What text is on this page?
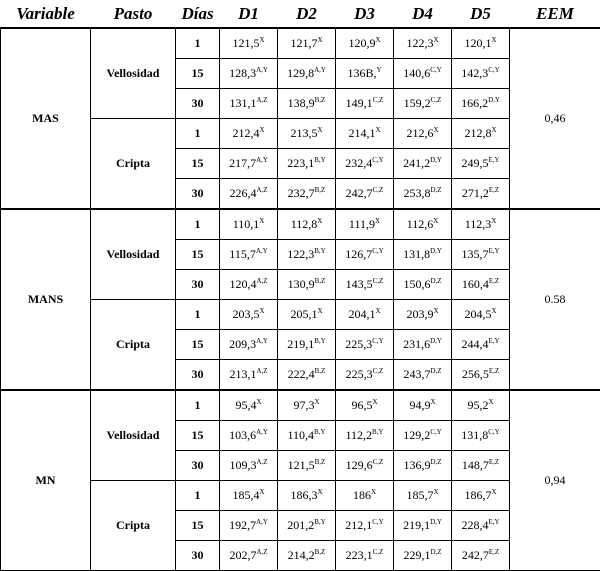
Variable	Pasto	Días	D1	D2	D3	D4	D5	EEM
MAS	Vellosidad	1	$121,5^X$	$121,7^X$	$120,9^X$	$122,3^X$	$120,1^X$	0,46
		15	$128,3^{A,Y}$	$129,8^{A,Y}$	136B,$^Y$	$140,6^{C,Y}$	$142,3^{C,Y}$
		30	$131,1^{A,Z}$	$138,9^{B,Z}$	$149,1^{C,Z}$	$159,2^{C,Z}$	$166,2^{D,Y}$
	Cripta	1	$212,4^X$	$213,5^X$	$214,1^X$	$212,6^X$	$212,8^X$
		15	$217,7^{A,Y}$	$223,1^{B,Y}$	$232,4^{C,Y}$	$241,2^{D,Y}$	$249,5^{E,Y}$
		30	$226,4^{A,Z}$	$232,7^{B,Z}$	$242,7^{C,Z}$	$253,8^{D,Z}$	$271,2^{E,Z}$
MANS	Vellosidad	1	$110,1^X$	$112,8^X$	$111,9^X$	$112,6^X$	$112,3^X$	0.58
		15	$115,7^{A,Y}$	$122,3^{B,Y}$	$126,7^{C,Y}$	$131,8^{D,Y}$	$135,7^{E,Y}$
		30	$120,4^{A,Z}$	$130,9^{B,Z}$	$143,5^{C,Z}$	$150,6^{D,Z}$	$160,4^{E,Z}$
	Cripta	1	$203,5^X$	$205,1^X$	$204,1^X$	$203,9^X$	$204,5^X$
		15	$209,3^{A,Y}$	$219,1^{B,Y}$	$225,3^{C,Y}$	$231,6^{D,Y}$	$244,4^{E,Y}$
		30	$213,1^{A,Z}$	$222,4^{B,Z}$	$225,3^{C,Z}$	$243,7^{D,Z}$	$256,5^{E,Z}$
MN	Vellosidad	1	$95,4^X$	$97,3^X$	$96,5^X$	$94,9^X$	$95,2^X$	0,94
		15	$103,6^{A,Y}$	$110,4^{B,Y}$	$112,2^{B,Y}$	$129,2^{C,Y}$	$131,8^{C,Y}$
		30	$109,3^{A,Z}$	$121,5^{B,Z}$	$129,6^{C,Z}$	$136,9^{D,Z}$	$148,7^{E,Z}$
	Cripta	1	$185,4^X$	$186,3^X$	$186^X$	$185,7^X$	$186,7^X$
		15	$192,7^{A,Y}$	$201,2^{B,Y}$	$212,1^{C,Y}$	$219,1^{D,Y}$	$228,4^{E,Y}$
		30	$202,7^{A,Z}$	$214,2^{B,Z}$	$223,1^{C,Z}$	$229,1^{D,Z}$	$242,7^{E,Z}$
